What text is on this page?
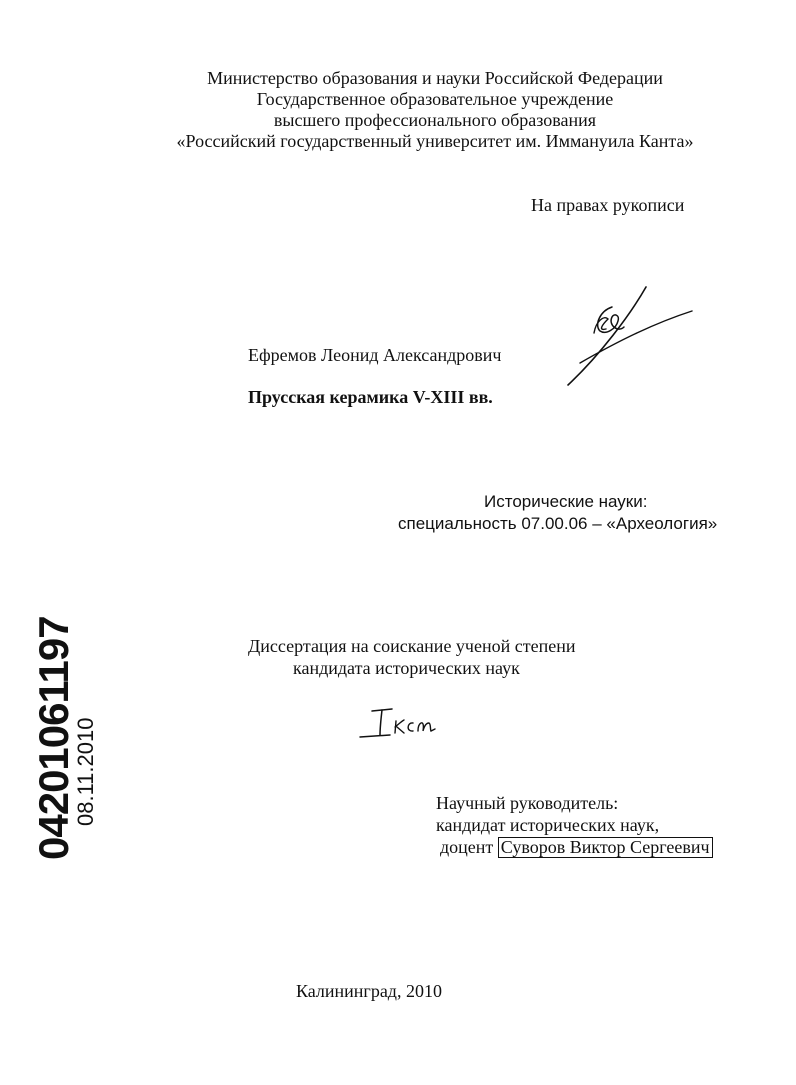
Министерство образования и науки Российской Федерации
Государственное образовательное учреждение
высшего профессионального образования
«Российский государственный университет им. Иммануила Канта»
На правах рукописи
Ефремов Леонид Александрович
Прусская керамика V-XIII вв.
Исторические науки:
специальность 07.00.06 – «Археология»
Диссертация на соискание ученой степени
кандидата исторических наук
Научный руководитель:
кандидат исторических наук,
доцент Суворов Виктор Сергеевич
Калининград, 2010
04201061197
08.11.2010
